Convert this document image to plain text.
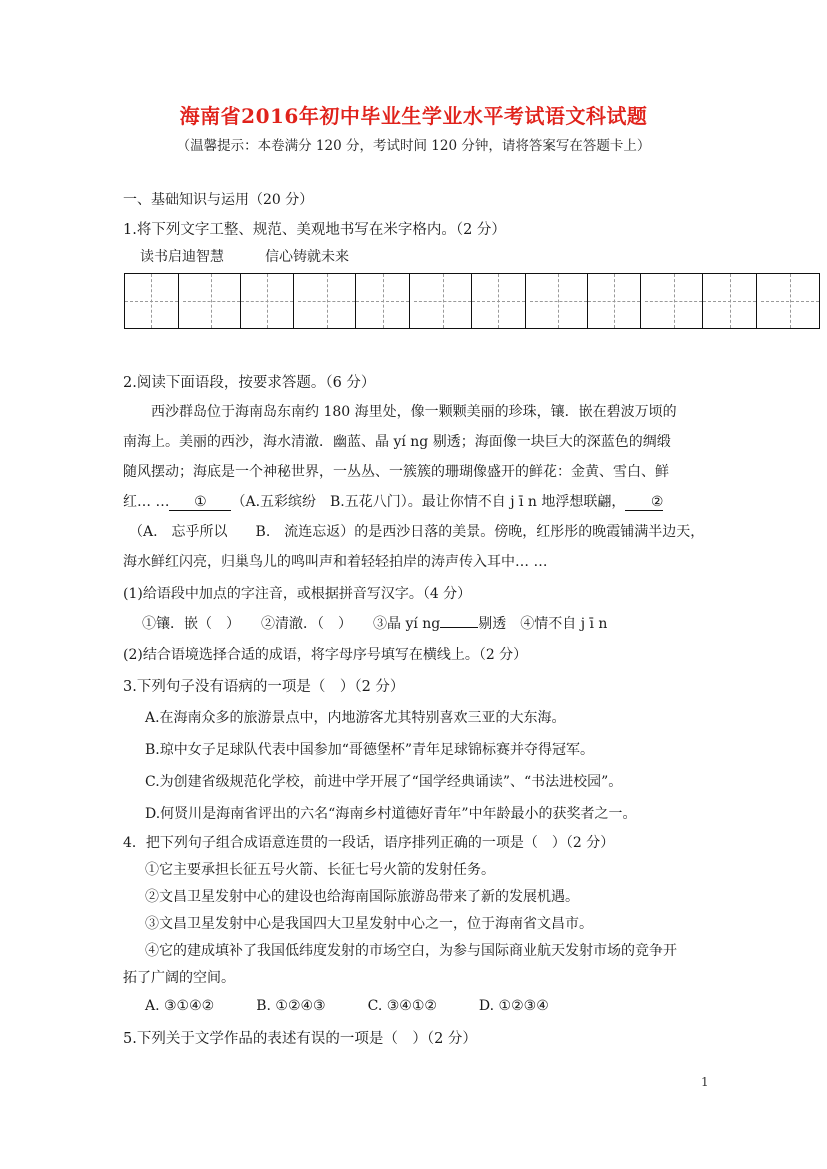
海南省2016年初中毕业生学业水平考试语文科试题
（温馨提示：本卷满分 120 分，考试时间 120 分钟，请将答案写在答题卡上）
一、基础知识与运用（20 分）
1.将下列文字工整、规范、美观地书写在米字格内。（2 分）
读书启迪智慧	信心铸就未来
2.阅读下面语段，按要求答题。（6 分）
西沙群岛位于海南岛东南约 180 海里处，像一颗颗美丽的珍珠，镶．嵌在碧波万顷的
南海上。美丽的西沙，海水清澈．幽蓝、晶 yí ng 剔透；海面像一块巨大的深蓝色的绸缎
随风摆动；海底是一个神秘世界，一丛丛、一簇簇的珊瑚像盛开的鲜花：金黄、雪白、鲜
红… … ① （A.五彩缤纷　B.五花八门）。最让你情不自 j ī n 地浮想联翩， ②
（A.　忘乎所以　　B.　流连忘返）的是西沙日落的美景。傍晚，红彤彤的晚霞铺满半边天，
海水鲜红闪亮，归巢鸟儿的鸣叫声和着轻轻拍岸的涛声传入耳中… …
(1)给语段中加点的字注音，或根据拼音写汉字。（4 分）
①镶．嵌（　）　　②清澈．（　）　　③晶 yí ng	剔透　④情不自 j ī n
(2)结合语境选择合适的成语，将字母序号填写在横线上。（2 分）
3.下列句子没有语病的一项是（　）（2 分）
A.在海南众多的旅游景点中，内地游客尤其特别喜欢三亚的大东海。
B.琼中女子足球队代表中国参加“哥德堡杯”青年足球锦标赛并夺得冠军。
C.为创建省级规范化学校，前进中学开展了“国学经典诵读”、“书法进校园”。
D.何贤川是海南省评出的六名“海南乡村道德好青年”中年龄最小的获奖者之一。
4．把下列句子组合成语意连贯的一段话，语序排列正确的一项是（　）（2 分）
①它主要承担长征五号火箭、长征七号火箭的发射任务。
②文昌卫星发射中心的建设也给海南国际旅游岛带来了新的发展机遇。
③文昌卫星发射中心是我国四大卫星发射中心之一，位于海南省文昌市。
④它的建成填补了我国低纬度发射的市场空白，为参与国际商业航天发射市场的竞争开
拓了广阔的空间。
A. ③①④②　　　B. ①②④③　　　C. ③④①②　　　D. ①②③④
5.下列关于文学作品的表述有误的一项是（　）（2 分）
1
